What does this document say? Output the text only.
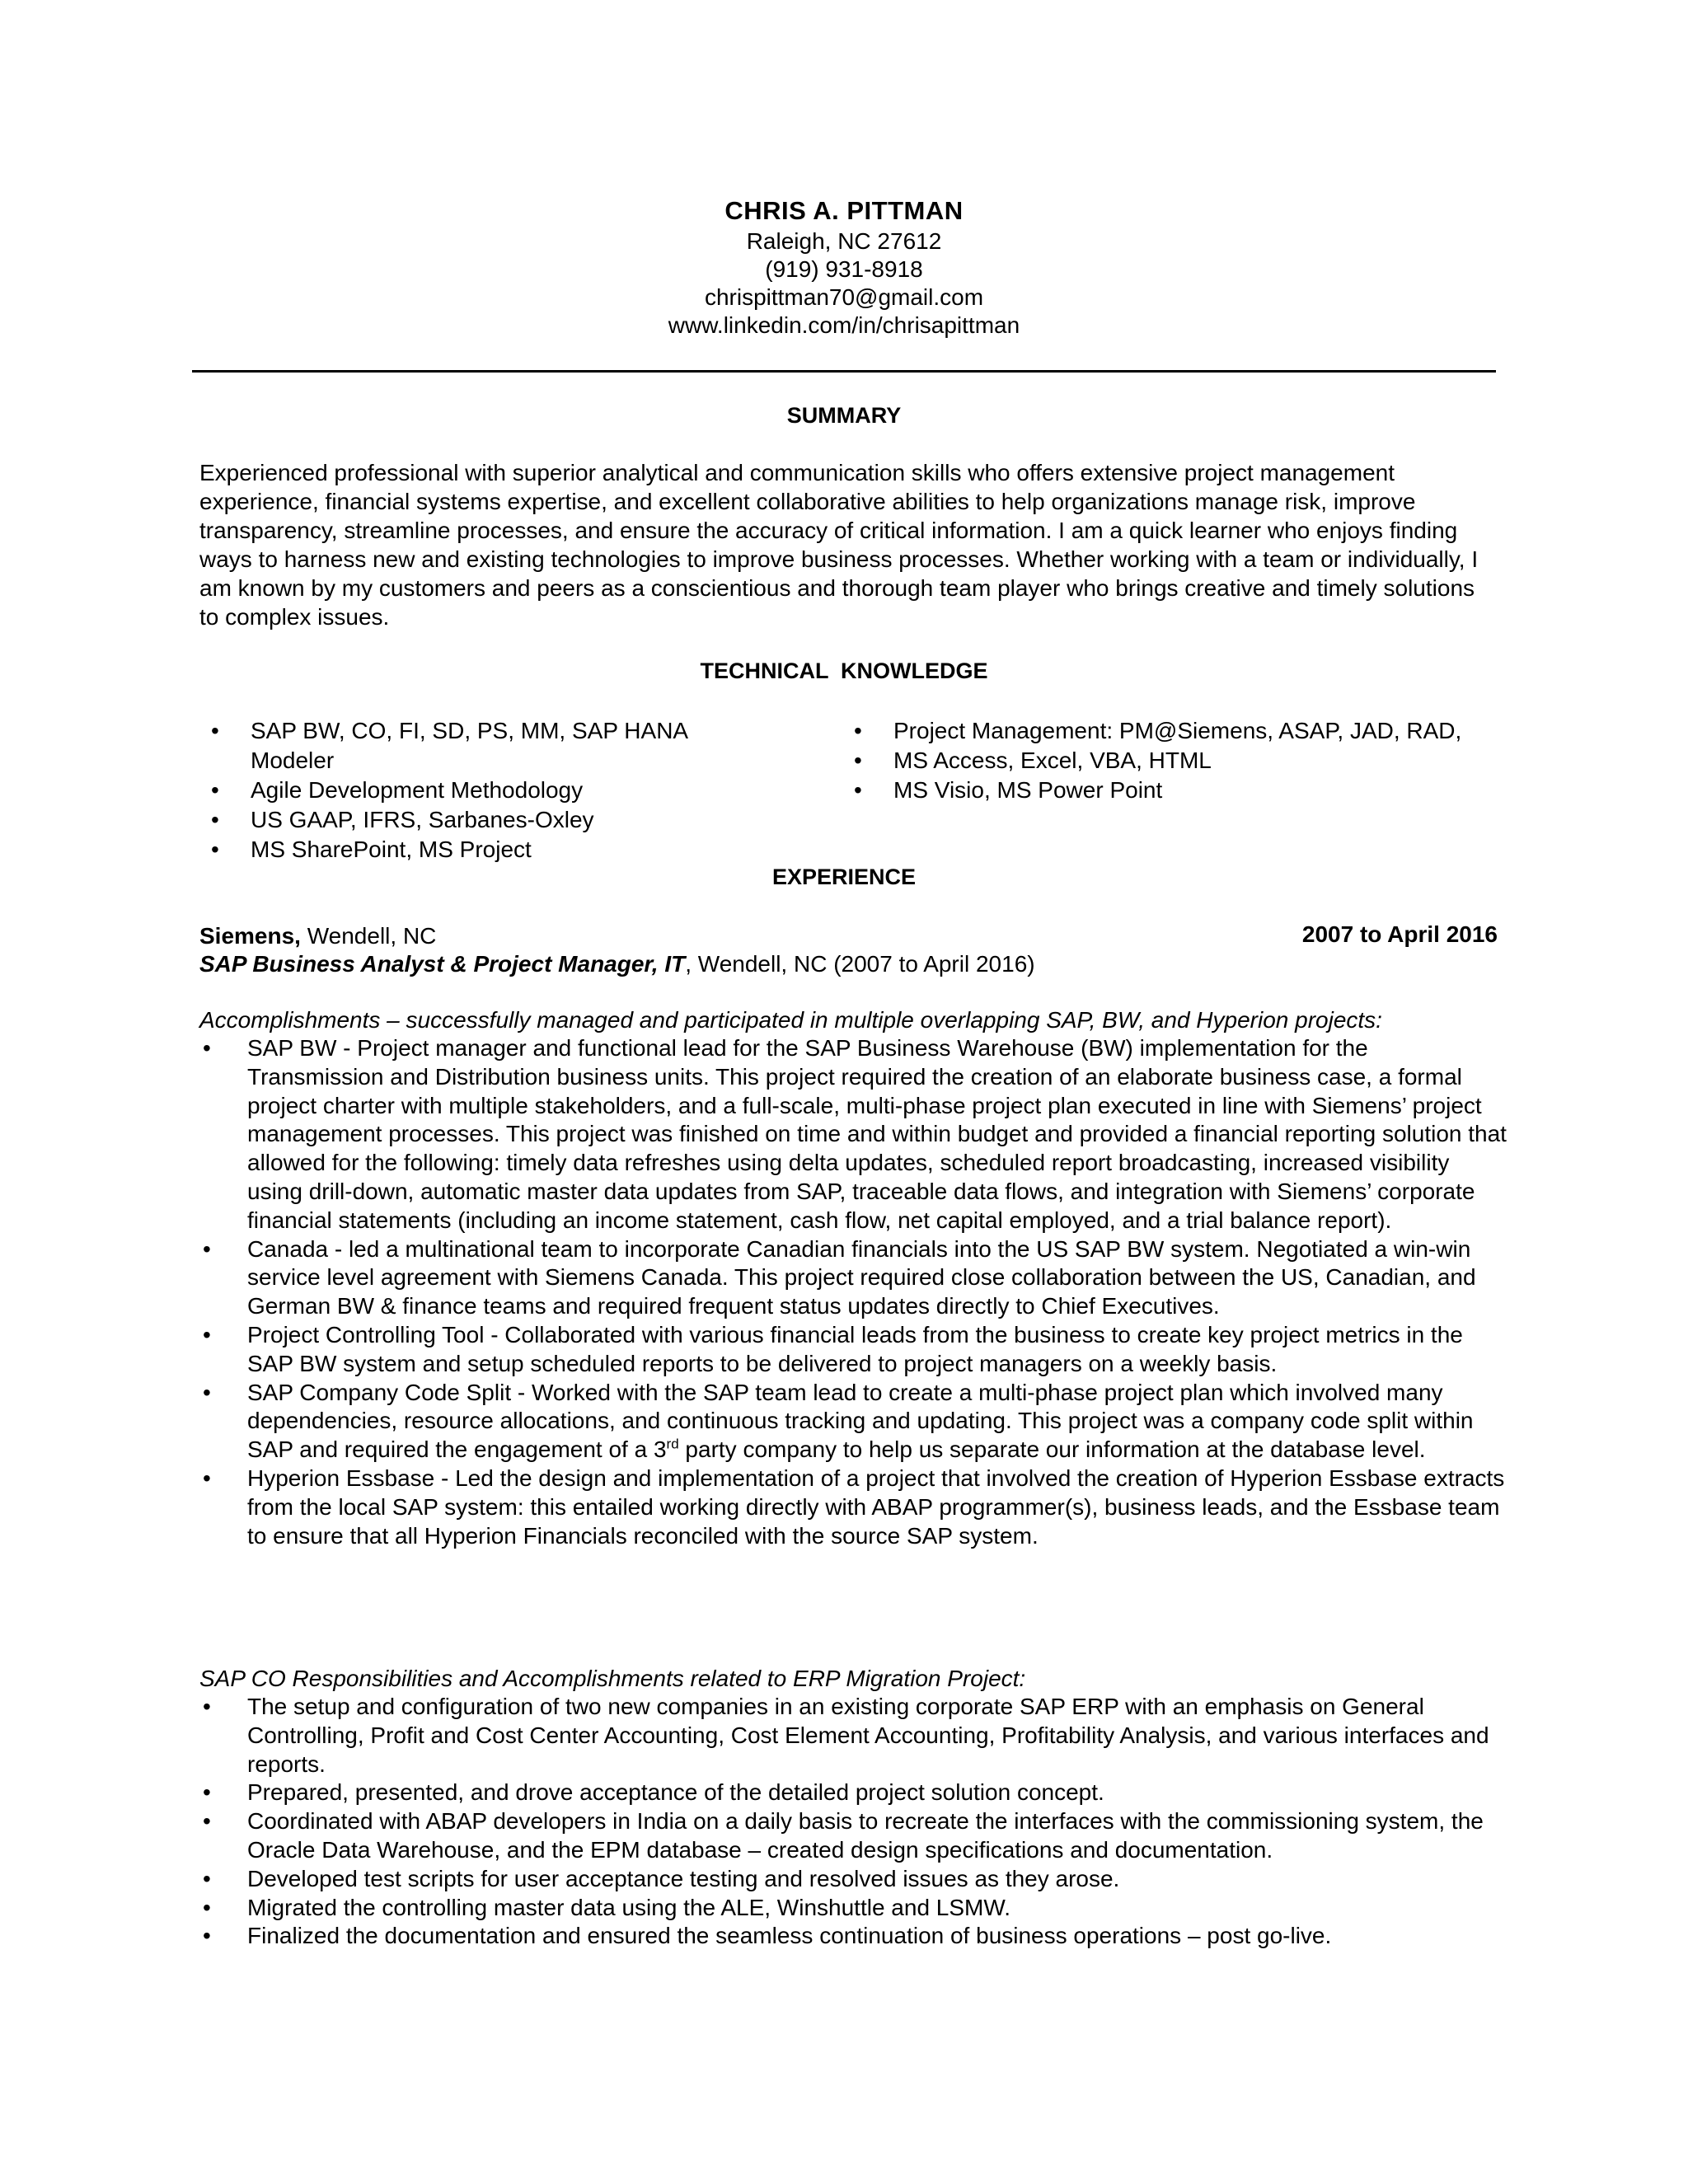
CHRIS A. PITTMAN
Raleigh, NC 27612
(919) 931-8918
chrispittman70@gmail.com
www.linkedin.com/in/chrisapittman
SUMMARY
Experienced professional with superior analytical and communication skills who offers extensive project management experience, financial systems expertise, and excellent collaborative abilities to help organizations manage risk, improve transparency, streamline processes, and ensure the accuracy of critical information. I am a quick learner who enjoys finding ways to harness new and existing technologies to improve business processes. Whether working with a team or individually, I am known by my customers and peers as a conscientious and thorough team player who brings creative and timely solutions to complex issues.
TECHNICAL  KNOWLEDGE
• SAP BW, CO, FI, SD, PS, MM, SAP HANA Modeler
• Agile Development Methodology
• US GAAP, IFRS, Sarbanes-Oxley
• MS SharePoint, MS Project
• Project Management: PM@Siemens, ASAP, JAD, RAD,
• MS Access, Excel, VBA, HTML
• MS Visio, MS Power Point
EXPERIENCE
Siemens, Wendell, NC	2007 to April 2016
SAP Business Analyst & Project Manager, IT, Wendell, NC (2007 to April 2016)
Accomplishments – successfully managed and participated in multiple overlapping SAP, BW, and Hyperion projects:
• SAP BW - Project manager and functional lead for the SAP Business Warehouse (BW) implementation for the Transmission and Distribution business units. This project required the creation of an elaborate business case, a formal project charter with multiple stakeholders, and a full-scale, multi-phase project plan executed in line with Siemens’ project management processes. This project was finished on time and within budget and provided a financial reporting solution that allowed for the following: timely data refreshes using delta updates, scheduled report broadcasting, increased visibility using drill-down, automatic master data updates from SAP, traceable data flows, and integration with Siemens’ corporate financial statements (including an income statement, cash flow, net capital employed, and a trial balance report).
• Canada - led a multinational team to incorporate Canadian financials into the US SAP BW system. Negotiated a win-win service level agreement with Siemens Canada. This project required close collaboration between the US, Canadian, and German BW & finance teams and required frequent status updates directly to Chief Executives.
• Project Controlling Tool - Collaborated with various financial leads from the business to create key project metrics in the SAP BW system and setup scheduled reports to be delivered to project managers on a weekly basis.
• SAP Company Code Split - Worked with the SAP team lead to create a multi-phase project plan which involved many dependencies, resource allocations, and continuous tracking and updating. This project was a company code split within SAP and required the engagement of a 3rd party company to help us separate our information at the database level.
• Hyperion Essbase - Led the design and implementation of a project that involved the creation of Hyperion Essbase extracts from the local SAP system: this entailed working directly with ABAP programmer(s), business leads, and the Essbase team to ensure that all Hyperion Financials reconciled with the source SAP system.
SAP CO Responsibilities and Accomplishments related to ERP Migration Project:
• The setup and configuration of two new companies in an existing corporate SAP ERP with an emphasis on General Controlling, Profit and Cost Center Accounting, Cost Element Accounting, Profitability Analysis, and various interfaces and reports.
• Prepared, presented, and drove acceptance of the detailed project solution concept.
• Coordinated with ABAP developers in India on a daily basis to recreate the interfaces with the commissioning system, the Oracle Data Warehouse, and the EPM database – created design specifications and documentation.
• Developed test scripts for user acceptance testing and resolved issues as they arose.
• Migrated the controlling master data using the ALE, Winshuttle and LSMW.
• Finalized the documentation and ensured the seamless continuation of business operations – post go-live.
